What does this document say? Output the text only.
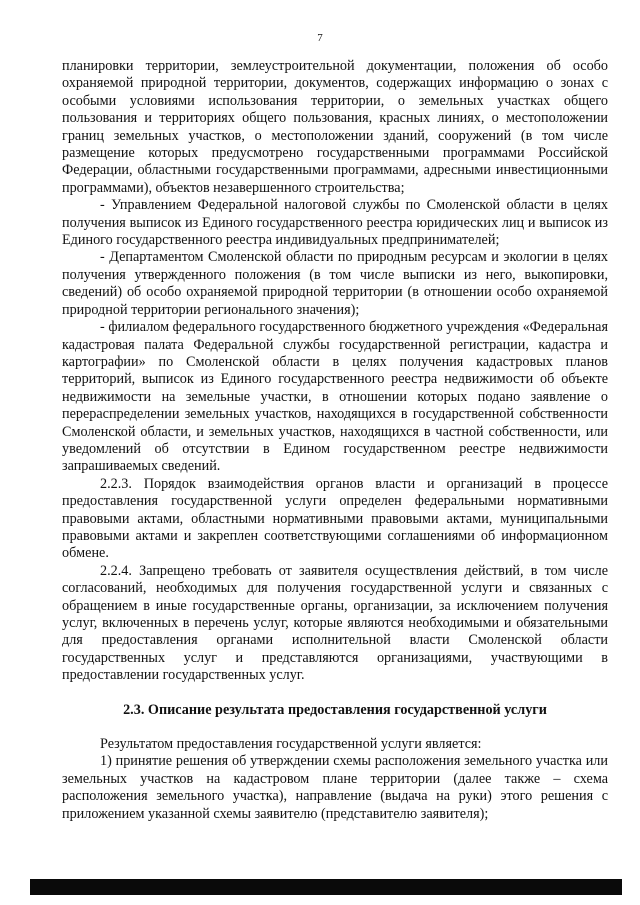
7

планировки территории, землеустроительной документации, положения об особо охраняемой природной территории, документов, содержащих информацию о зонах с особыми условиями использования территории, о земельных участках общего пользования и территориях общего пользования, красных линиях, о местоположении границ земельных участков, о местоположении зданий, сооружений (в том числе размещение которых предусмотрено государственными программами Российской Федерации, областными государственными программами, адресными инвестиционными программами), объектов незавершенного строительства;

- Управлением Федеральной налоговой службы по Смоленской области в целях получения выписок из Единого государственного реестра юридических лиц и выписок из Единого государственного реестра индивидуальных предпринимателей;

- Департаментом Смоленской области по природным ресурсам и экологии в целях получения утвержденного положения (в том числе выписки из него, выкопировки, сведений) об особо охраняемой природной территории (в отношении особо охраняемой природной территории регионального значения);

- филиалом федерального государственного бюджетного учреждения «Федеральная кадастровая палата Федеральной службы государственной регистрации, кадастра и картографии» по Смоленской области в целях получения кадастровых планов территорий, выписок из Единого государственного реестра недвижимости об объекте недвижимости на земельные участки, в отношении которых подано заявление о перераспределении земельных участков, находящихся в государственной собственности Смоленской области, и земельных участков, находящихся в частной собственности, или уведомлений об отсутствии в Едином государственном реестре недвижимости запрашиваемых сведений.

2.2.3. Порядок взаимодействия органов власти и организаций в процессе предоставления государственной услуги определен федеральными нормативными правовыми актами, областными нормативными правовыми актами, муниципальными правовыми актами и закреплен соответствующими соглашениями об информационном обмене.

2.2.4. Запрещено требовать от заявителя осуществления действий, в том числе согласований, необходимых для получения государственной услуги и связанных с обращением в иные государственные органы, организации, за исключением получения услуг, включенных в перечень услуг, которые являются необходимыми и обязательными для предоставления органами исполнительной власти Смоленской области государственных услуг и представляются организациями, участвующими в предоставлении государственных услуг.

2.3. Описание результата предоставления государственной услуги

Результатом предоставления государственной услуги является:

1) принятие решения об утверждении схемы расположения земельного участка или земельных участков на кадастровом плане территории (далее также – схема расположения земельного участка), направление (выдача на руки) этого решения с приложением указанной схемы заявителю (представителю заявителя);
